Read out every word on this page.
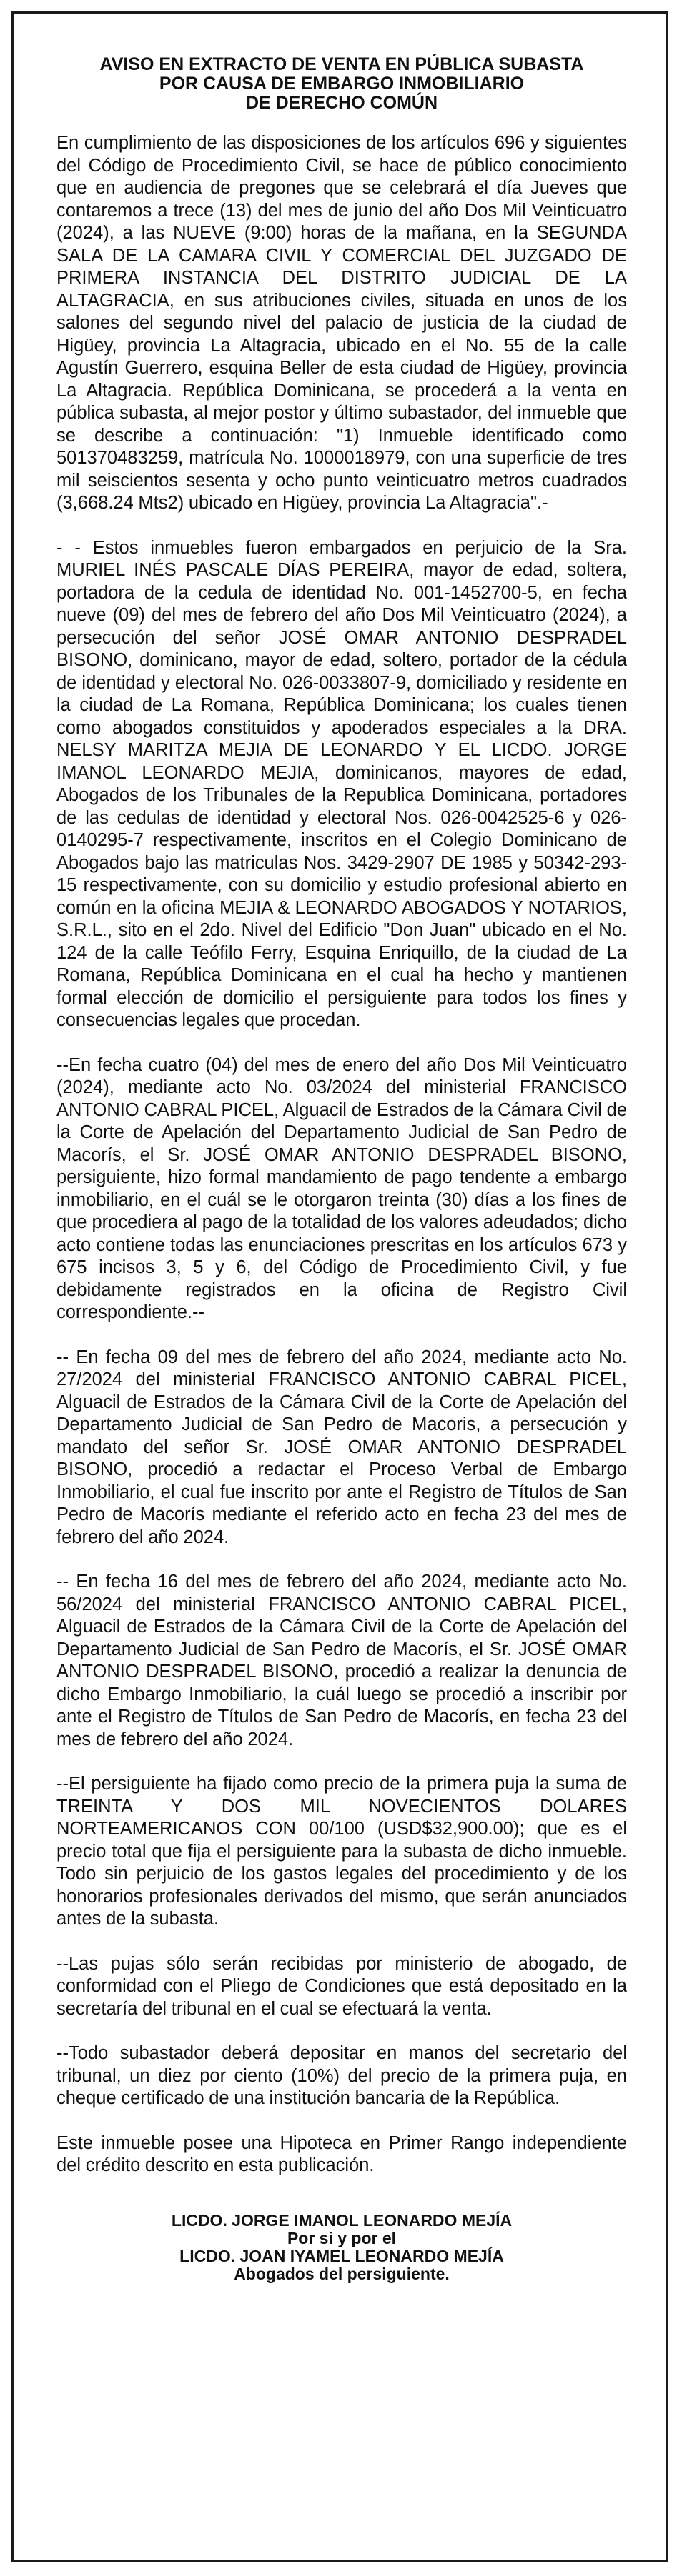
AVISO EN EXTRACTO DE VENTA EN PÚBLICA SUBASTA
POR CAUSA DE EMBARGO INMOBILIARIO
DE DERECHO COMÚN

En cumplimiento de las disposiciones de los artículos 696 y siguientes del Código de Procedimiento Civil, se hace de público conocimiento que en audiencia de pregones que se celebrará el día Jueves que contaremos a trece (13) del mes de junio del año Dos Mil Veinticuatro (2024), a las NUEVE (9:00) horas de la mañana, en la SEGUNDA SALA DE LA CAMARA CIVIL Y COMERCIAL DEL JUZGADO DE PRIMERA INSTANCIA DEL DISTRITO JUDICIAL DE LA ALTAGRACIA, en sus atribuciones civiles, situada en unos de los salones del segundo nivel del palacio de justicia de la ciudad de Higüey, provincia La Altagracia, ubicado en el No. 55 de la calle Agustín Guerrero, esquina Beller de esta ciudad de Higüey, provincia La Altagracia. República Dominicana, se procederá a la venta en pública subasta, al mejor postor y último subastador, del inmueble que se describe a continuación: "1) Inmueble identificado como 501370483259, matrícula No. 1000018979, con una superficie de tres mil seiscientos sesenta y ocho punto veinticuatro metros cuadrados (3,668.24 Mts2) ubicado en Higüey, provincia La Altagracia".-

- - Estos inmuebles fueron embargados en perjuicio de la Sra. MURIEL INÉS PASCALE DÍAS PEREIRA, mayor de edad, soltera, portadora de la cedula de identidad No. 001-1452700-5, en fecha nueve (09) del mes de febrero del año Dos Mil Veinticuatro (2024), a persecución del señor JOSÉ OMAR ANTONIO DESPRADEL BISONO, dominicano, mayor de edad, soltero, portador de la cédula de identidad y electoral No. 026-0033807-9, domiciliado y residente en la ciudad de La Romana, República Dominicana; los cuales tienen como abogados constituidos y apoderados especiales a la DRA. NELSY MARITZA MEJIA DE LEONARDO Y EL LICDO. JORGE IMANOL LEONARDO MEJIA, dominicanos, mayores de edad, Abogados de los Tribunales de la Republica Dominicana, portadores de las cedulas de identidad y electoral Nos. 026-0042525-6 y 026-0140295-7 respectivamente, inscritos en el Colegio Dominicano de Abogados bajo las matriculas Nos. 3429-2907 DE 1985 y 50342-293-15 respectivamente, con su domicilio y estudio profesional abierto en común en la oficina MEJIA & LEONARDO ABOGADOS Y NOTARIOS, S.R.L., sito en el 2do. Nivel del Edificio "Don Juan" ubicado en el No. 124 de la calle Teófilo Ferry, Esquina Enriquillo, de la ciudad de La Romana, República Dominicana en el cual ha hecho y mantienen formal elección de domicilio el persiguiente para todos los fines y consecuencias legales que procedan.

--En fecha cuatro (04) del mes de enero del año Dos Mil Veinticuatro (2024), mediante acto No. 03/2024 del ministerial FRANCISCO ANTONIO CABRAL PICEL, Alguacil de Estrados de la Cámara Civil de la Corte de Apelación del Departamento Judicial de San Pedro de Macorís, el Sr. JOSÉ OMAR ANTONIO DESPRADEL BISONO, persiguiente, hizo formal mandamiento de pago tendente a embargo inmobiliario, en el cuál se le otorgaron treinta (30) días a los fines de que procediera al pago de la totalidad de los valores adeudados; dicho acto contiene todas las enunciaciones prescritas en los artículos 673 y 675 incisos 3, 5 y 6, del Código de Procedimiento Civil, y fue debidamente registrados en la oficina de Registro Civil correspondiente.--

-- En fecha 09 del mes de febrero del año 2024, mediante acto No. 27/2024 del ministerial FRANCISCO ANTONIO CABRAL PICEL, Alguacil de Estrados de la Cámara Civil de la Corte de Apelación del Departamento Judicial de San Pedro de Macoris, a persecución y mandato del señor Sr. JOSÉ OMAR ANTONIO DESPRADEL BISONO, procedió a redactar el Proceso Verbal de Embargo Inmobiliario, el cual fue inscrito por ante el Registro de Títulos de San Pedro de Macorís mediante el referido acto en fecha 23 del mes de febrero del año 2024.

-- En fecha 16 del mes de febrero del año 2024, mediante acto No. 56/2024 del ministerial FRANCISCO ANTONIO CABRAL PICEL, Alguacil de Estrados de la Cámara Civil de la Corte de Apelación del Departamento Judicial de San Pedro de Macorís, el Sr. JOSÉ OMAR ANTONIO DESPRADEL BISONO, procedió a realizar la denuncia de dicho Embargo Inmobiliario, la cuál luego se procedió a inscribir por ante el Registro de Títulos de San Pedro de Macorís, en fecha 23 del mes de febrero del año 2024.

--El persiguiente ha fijado como precio de la primera puja la suma de TREINTA Y DOS MIL NOVECIENTOS DOLARES NORTEAMERICANOS CON 00/100 (USD$32,900.00); que es el precio total que fija el persiguiente para la subasta de dicho inmueble. Todo sin perjuicio de los gastos legales del procedimiento y de los honorarios profesionales derivados del mismo, que serán anunciados antes de la subasta.

--Las pujas sólo serán recibidas por ministerio de abogado, de conformidad con el Pliego de Condiciones que está depositado en la secretaría del tribunal en el cual se efectuará la venta.

--Todo subastador deberá depositar en manos del secretario del tribunal, un diez por ciento (10%) del precio de la primera puja, en cheque certificado de una institución bancaria de la República.

Este inmueble posee una Hipoteca en Primer Rango independiente del crédito descrito en esta publicación.

LICDO. JORGE IMANOL LEONARDO MEJÍA
Por si y por el
LICDO. JOAN IYAMEL LEONARDO MEJÍA
Abogados del persiguiente.
